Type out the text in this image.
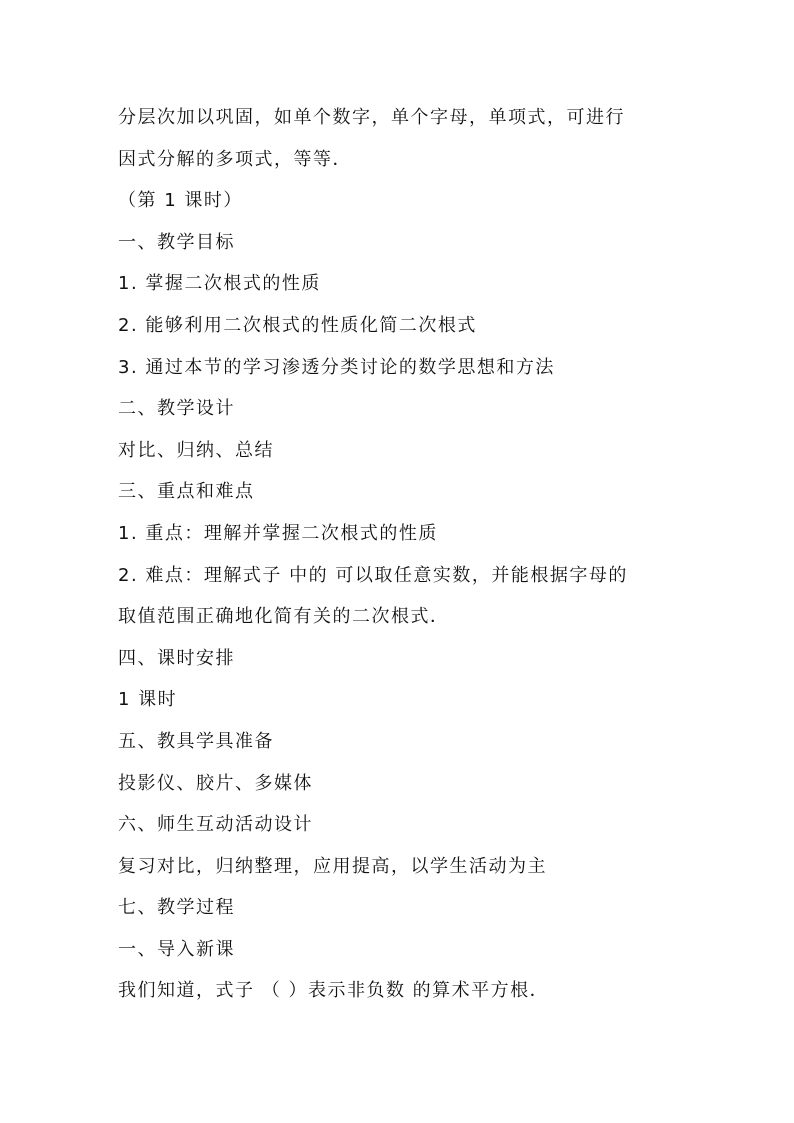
分层次加以巩固，如单个数字，单个字母，单项式，可进行
因式分解的多项式，等等．
（第 1 课时）
一、教学目标
1. 掌握二次根式的性质
2. 能够利用二次根式的性质化简二次根式
3. 通过本节的学习渗透分类讨论的数学思想和方法
二、教学设计
对比、归纳、总结
三、重点和难点
1. 重点：理解并掌握二次根式的性质
2. 难点：理解式子 中的 可以取任意实数，并能根据字母的
取值范围正确地化简有关的二次根式．
四、课时安排
1 课时
五、教具学具准备
投影仪、胶片、多媒体
六、师生互动活动设计
复习对比，归纳整理，应用提高，以学生活动为主
七、教学过程
一、导入新课
我们知道，式子 （ ）表示非负数 的算术平方根．
